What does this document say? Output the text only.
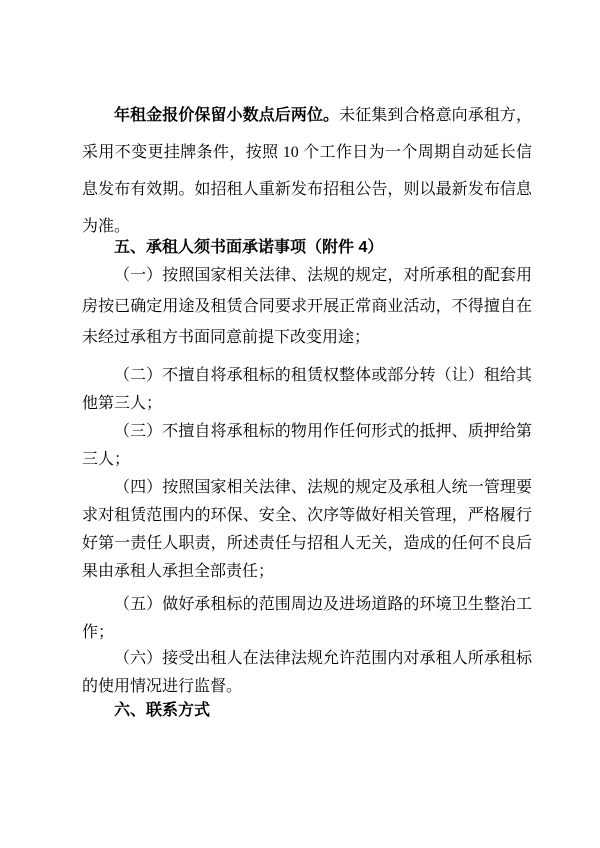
年租金报价保留小数点后两位。未征集到合格意向承租方，采用不变更挂牌条件，按照 10 个工作日为一个周期自动延长信息发布有效期。如招租人重新发布招租公告，则以最新发布信息为准。

五、承租人须书面承诺事项（附件 4）

（一）按照国家相关法律、法规的规定，对所承租的配套用房按已确定用途及租赁合同要求开展正常商业活动，不得擅自在未经过承租方书面同意前提下改变用途；

（二）不擅自将承租标的租赁权整体或部分转（让）租给其他第三人；

（三）不擅自将承租标的物用作任何形式的抵押、质押给第三人；

（四）按照国家相关法律、法规的规定及承租人统一管理要求对租赁范围内的环保、安全、次序等做好相关管理，严格履行好第一责任人职责，所述责任与招租人无关，造成的任何不良后果由承租人承担全部责任；

（五）做好承租标的范围周边及进场道路的环境卫生整治工作；

（六）接受出租人在法律法规允许范围内对承租人所承租标的使用情况进行监督。

六、联系方式
